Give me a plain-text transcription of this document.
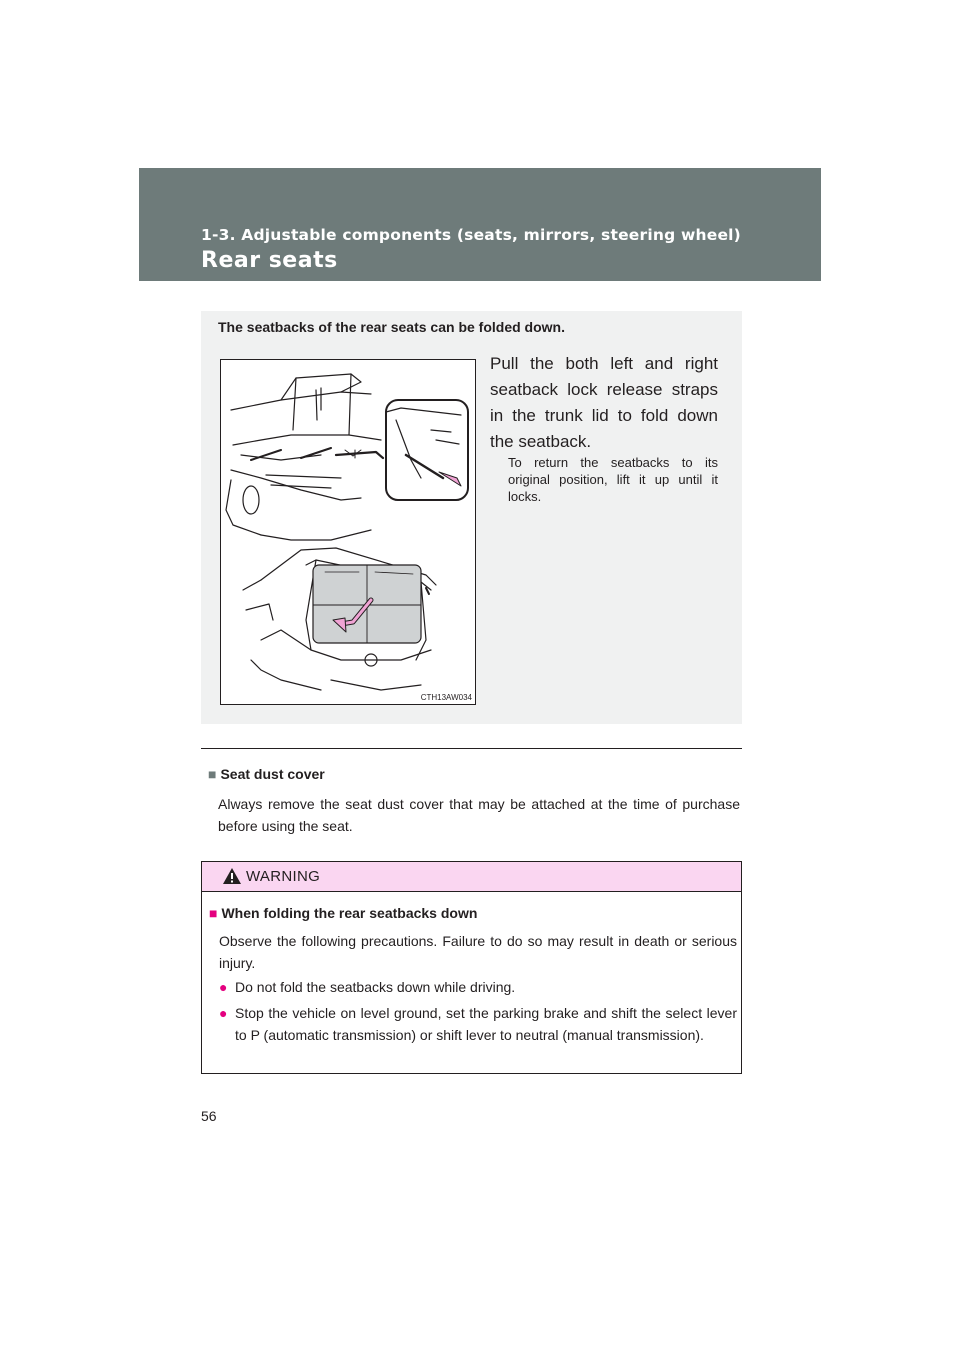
1-3. Adjustable components (seats, mirrors, steering wheel)
Rear seats
The seatbacks of the rear seats can be folded down.
CTH13AW034
Pull the both left and right seatback lock release straps in the trunk lid to fold down the seatback.
To return the seatbacks to its original position, lift it up until it locks.
■ Seat dust cover
Always remove the seat dust cover that may be attached at the time of purchase before using the seat.
WARNING
■ When folding the rear seatbacks down
Observe the following precautions. Failure to do so may result in death or serious injury.
● Do not fold the seatbacks down while driving.
● Stop the vehicle on level ground, set the parking brake and shift the select lever to P (automatic transmission) or shift lever to neutral (manual transmission).
56
